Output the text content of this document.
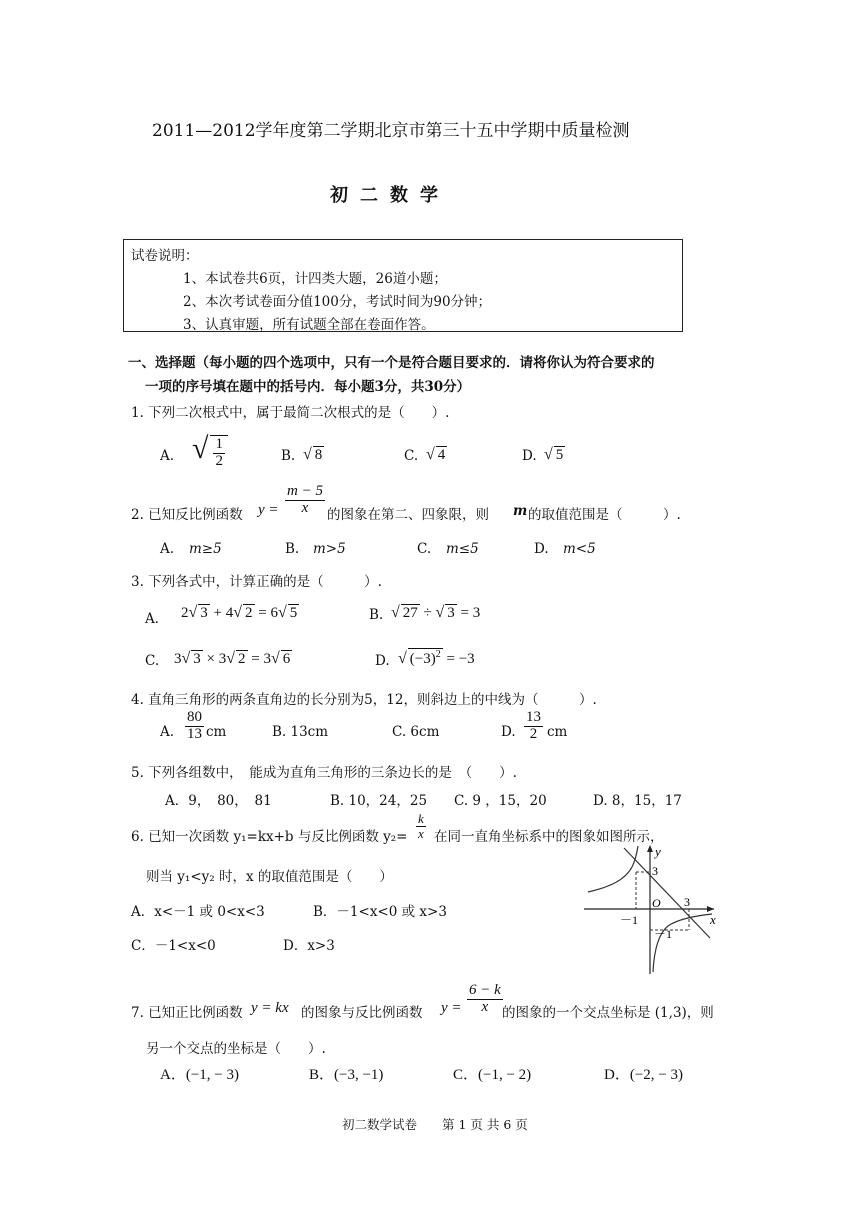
2011—2012学年度第二学期北京市第三十五中学期中质量检测
初二数学
试卷说明：
1、本试卷共6页，计四类大题，26道小题；
2、本次考试卷面分值100分，考试时间为90分钟；
3、认真审题，所有试题全部在卷面作答。
一、选择题（每小题的四个选项中，只有一个是符合题目要求的．请将你认为符合要求的
一项的序号填在题中的括号内．每小题3分，共30分）
1. 下列二次根式中，属于最简二次根式的是（　　）.
A. √ $\frac{1}{2}$	B. √ 8	C. √ 4	D. √ 5
2. 已知反比例函数 $y = \frac{m - 5}{x}$ 的图象在第二、四象限，则 m 的取值范围是（　　　）.
A. m≥5	B. m>5	C. m≤5	D. m<5
3. 下列各式中，计算正确的是（　　　）.
A． 2√ 3 + 4√ 2 = 6√ 5	B. √ 27 ÷ √ 3 = 3
C. 3√ 3 × 3√ 2 = 3√ 6	D. √ $(-3)^2 = -3$
4. 直角三角形的两条直角边的长分别为5，12，则斜边上的中线为（　　　）.
A. $\frac{80}{13}$ cm	B. 13cm	C. 6cm	D. $\frac{13}{2}$ cm
5. 下列各组数中，　能成为直角三角形的三条边长的是　（　　）.
A．9，　80，　81	B. 10，24，25 C. 9 ，15，20	D. 8，15，17
6. 已知一次函数 y₁=kx+b 与反比例函数 $y_2= \frac{k}{x}$ 在同一直角坐标系中的图象如图所示，
则当 y₁<y₂ 时，x 的取值范围是（　　）
A．x<－1 或 0<x<3	B．－1<x<0 或 x>3
C．－1<x<0	D．x>3
y
x
O
3
－1
3
－1
7. 已知正比例函数 y = kx 的图象与反比例函数 $y = \frac{6 - k}{x}$ 的图象的一个交点坐标是 (1,3)，则
另一个交点的坐标是（　　）.
A．(−1, − 3)	B．(−3, −1)	C．(−1, − 2)	D．(−2, − 3)
初二数学试卷　　第 1 页 共 6 页
